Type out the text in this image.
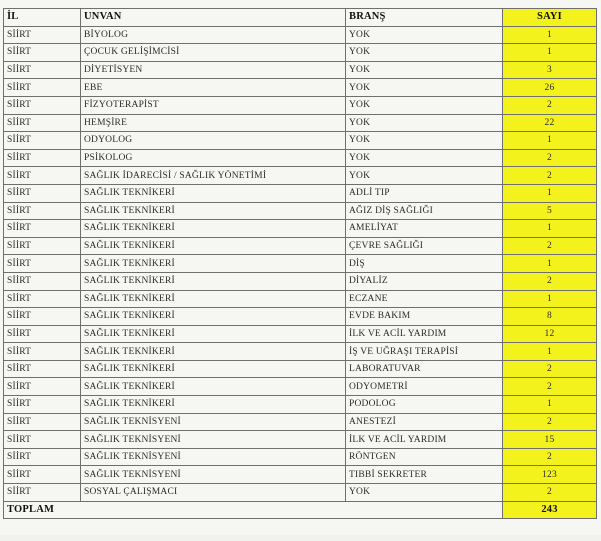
İL	UNVAN	BRANŞ	SAYI
SİİRT	BİYOLOG	YOK	1
SİİRT	ÇOCUK GELİŞİMCİSİ	YOK	1
SİİRT	DİYETİSYEN	YOK	3
SİİRT	EBE	YOK	26
SİİRT	FİZYOTERAPİST	YOK	2
SİİRT	HEMŞİRE	YOK	22
SİİRT	ODYOLOG	YOK	1
SİİRT	PSİKOLOG	YOK	2
SİİRT	SAĞLIK İDARECİSİ / SAĞLIK YÖNETİMİ	YOK	2
SİİRT	SAĞLIK TEKNİKERİ	ADLİ TIP	1
SİİRT	SAĞLIK TEKNİKERİ	AĞIZ DİŞ SAĞLIĞI	5
SİİRT	SAĞLIK TEKNİKERİ	AMELİYAT	1
SİİRT	SAĞLIK TEKNİKERİ	ÇEVRE SAĞLIĞI	2
SİİRT	SAĞLIK TEKNİKERİ	DİŞ	1
SİİRT	SAĞLIK TEKNİKERİ	DİYALİZ	2
SİİRT	SAĞLIK TEKNİKERİ	ECZANE	1
SİİRT	SAĞLIK TEKNİKERİ	EVDE BAKIM	8
SİİRT	SAĞLIK TEKNİKERİ	İLK VE ACİL YARDIM	12
SİİRT	SAĞLIK TEKNİKERİ	İŞ VE UĞRAŞI TERAPİSİ	1
SİİRT	SAĞLIK TEKNİKERİ	LABORATUVAR	2
SİİRT	SAĞLIK TEKNİKERİ	ODYOMETRİ	2
SİİRT	SAĞLIK TEKNİKERİ	PODOLOG	1
SİİRT	SAĞLIK TEKNİSYENİ	ANESTEZİ	2
SİİRT	SAĞLIK TEKNİSYENİ	İLK VE ACİL YARDIM	15
SİİRT	SAĞLIK TEKNİSYENİ	RÖNTGEN	2
SİİRT	SAĞLIK TEKNİSYENİ	TIBBİ SEKRETER	123
SİİRT	SOSYAL ÇALIŞMACI	YOK	2
TOPLAM			243
